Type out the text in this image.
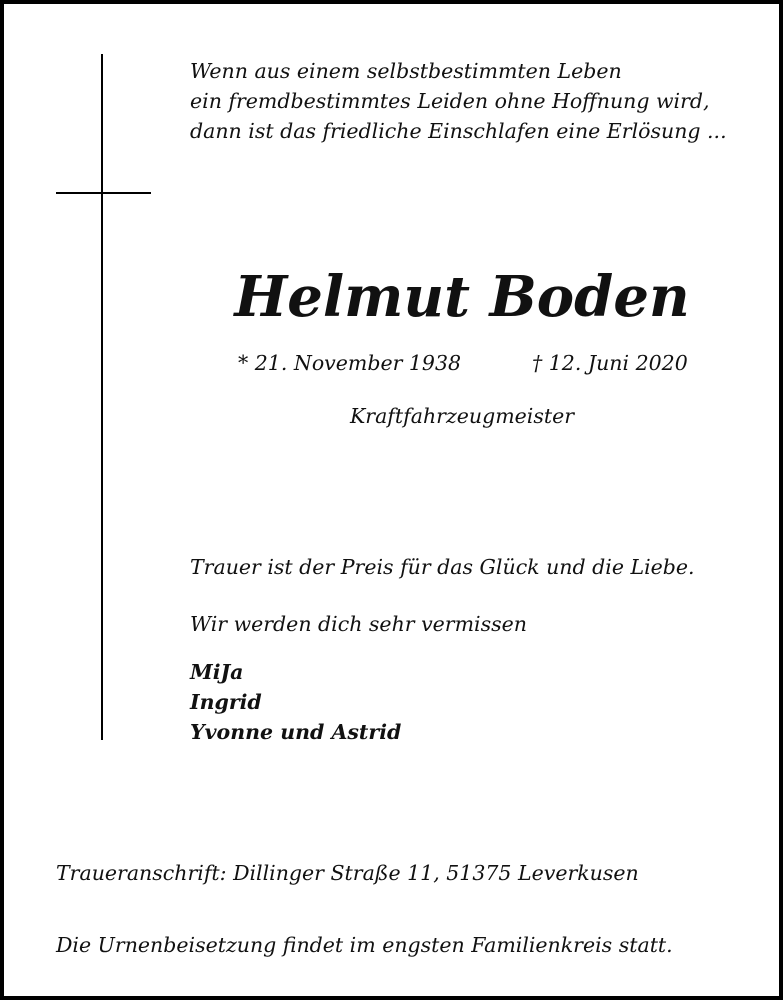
Wenn aus einem selbstbestimmten Leben
ein fremdbestimmtes Leiden ohne Hoffnung wird,
dann ist das friedliche Einschlafen eine Erlösung ...
Helmut Boden
* 21. November 1938	† 12. Juni 2020
Kraftfahrzeugmeister
Trauer ist der Preis für das Glück und die Liebe.
Wir werden dich sehr vermissen
MiJa
Ingrid
Yvonne und Astrid
Traueranschrift: Dillinger Straße 11, 51375 Leverkusen
Die Urnenbeisetzung findet im engsten Familienkreis statt.
